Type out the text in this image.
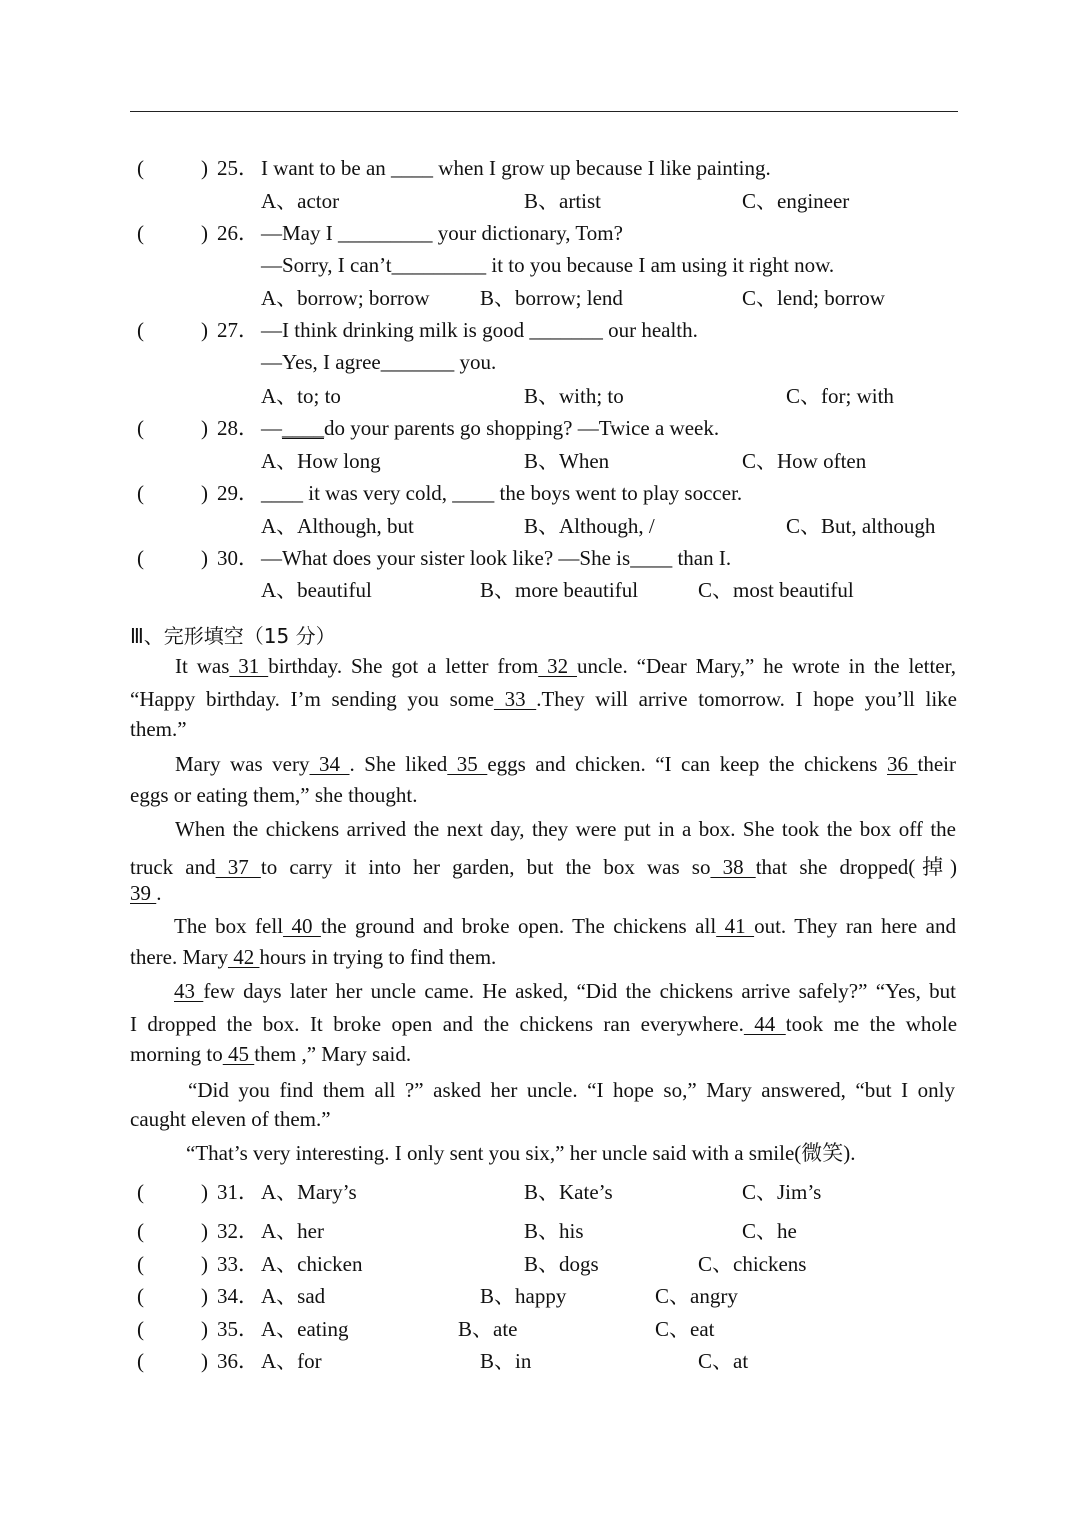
(	) 25． I want to be an ____ when I grow up because I like painting.
A、actor	B、artist	C、engineer
(	) 26． —May I _________ your dictionary, Tom?
—Sorry, I can’t_________ it to you because I am using it right now.
A、borrow; borrow B、borrow; lend	C、lend; borrow
(	) 27． —I think drinking milk is good _______ our health.
—Yes, I agree_______ you.
A、to; to	B、with; to	C、for; with
(	) 28． —____do your parents go shopping? —Twice a week.
A、How long	B、When	C、How often
(	) 29． ____ it was very cold, ____ the boys went to play soccer.
A、Although, but	B、Although, /	C、But, although
(	) 30． —What does your sister look like? —She is____ than I.
A、beautiful	B、more beautiful	C、most beautiful
Ⅲ、完形填空（15 分）
It was 31 birthday. She got a letter from 32 uncle. “Dear Mary,” he wrote in the letter,
“Happy birthday. I’m sending you some 33 .They will arrive tomorrow. I hope you’ll like
them.”
Mary was very 34 . She liked 35 eggs and chicken. “I can keep the chickens 36 their
eggs or eating them,” she thought.
When the chickens arrived the next day, they were put in a box. She took the box off the
truck and 37 to carry it into her garden, but the box was so 38 that she dropped(掉)
39 .
The box fell 40 the ground and broke open. The chickens all 41 out. They ran here and
there. Mary 42 hours in trying to find them.
43 few days later her uncle came. He asked, “Did the chickens arrive safely?” “Yes, but
I dropped the box. It broke open and the chickens ran everywhere. 44 took me the whole
morning to 45 them ,” Mary said.
“Did you find them all ?” asked her uncle. “I hope so,” Mary answered, “but I only
caught eleven of them.”
“That’s very interesting. I only sent you six,” her uncle said with a smile(微笑).
(	) 31． A、Mary’s	B、Kate’s	C、Jim’s
(	) 32． A、her	B、his	C、he
(	) 33． A、chicken	B、dogs	C、chickens
(	) 34． A、sad	B、happy	C、angry
(	) 35． A、eating	B、ate	C、eat
(	) 36． A、for	B、in	C、at
